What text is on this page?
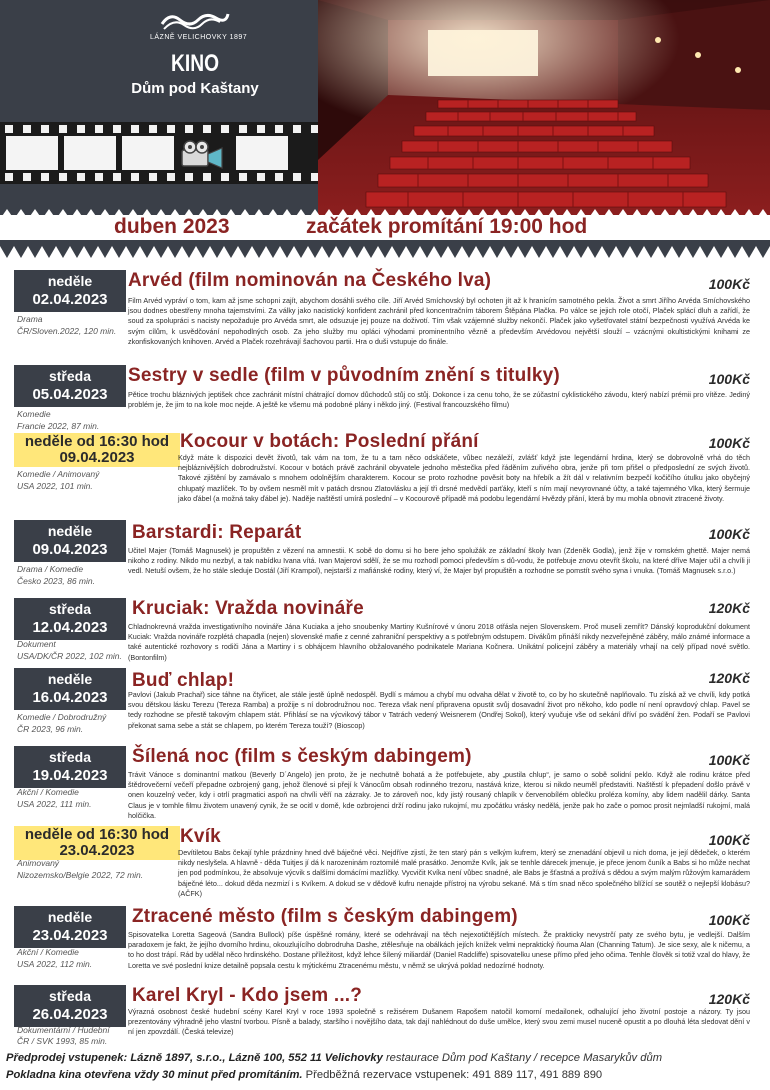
LÁZNĚ VELICHOVKY 1897
KINO
Dům pod Kaštany
duben 2023	začátek promítání 19:00 hod
neděle
02.04.2023
Drama
ČR/Sloven.2022, 120 min.
Arvéd (film nominován na Českého lva)	100Kč
Film Arvéd vypráví o tom, kam až jsme schopni zajít, abychom dosáhli svého cíle. Jiří Arvéd Smíchovský byl ochoten jít až k hranicím samotného pekla. Život a smrt Jiřího Arvéda Smíchovského jsou dodnes obestřeny mnoha tajemstvími. Za války jako nacistický konfident zachránil před koncentračním táborem Štěpána Plačka. Po válce se jejich role otočí, Plaček splácí dluh a zařídí, že soud za spolupráci s nacisty nepožaduje pro Arvéda smrt, ale odsuzuje jej pouze na doživotí. Tím však vzájemné služby nekončí. Plaček jako vyšetřovatel státní bezpečnosti využívá Arvéda ke svým cílům, k usvědčování nepohodlných osob. Za jeho služby mu opláci výhodami prominentního vězně a především Arvédovou největší slouží – vzácnými okultistickými knihami ze zkonfiskovaných knihoven. Arvéd a Plaček rozehrávají šachovou partii. Hra o duši vstupuje do finále.
středa
05.04.2023
Komedie
Francie 2022, 87 min.
Sestry v sedle (film v původním znění s titulky)	100Kč
Pětice trochu bláznivých jeptišek chce zachránit místní chátrající domov důchodců stůj co stůj. Dokonce i za cenu toho, že se zúčastní cyklistického závodu, který nabízí prémii pro vítěze. Jediný problém je, že jim to na kole moc nejde. A ještě ke všemu má podobné plány i někdo jiný. (Festival francouzského filmu)
neděle od 16:30 hod
09.04.2023
Komedie / Animovaný
USA 2022, 101 min.
Kocour v botách: Poslední přání	100Kč
Když máte k dispozici devět životů, tak vám na tom, že tu a tam něco odskáčete, vůbec nezáleží, zvlášť když jste legendární hrdina, který se dobrovolně vrhá do těch nejbláznivějších dobrodružství. Kocour v botách právě zachránil obyvatele jednoho městečka před řáděním zuřivého obra, jenže při tom přišel o předposlední ze svých životů. Takové zjištění by zamávalo s mnohem odolnějším charakterem. Kocour se proto rozhodne pověsit boty na hřebík a žít dál v relativním bezpečí kočičího útulku jako obyčejný chlupatý mazlíček. To by ovšem nesměl mít v patách drsnou Zlatovlásku a její tři drsné medvědí parťáky, kteří s ním mají nevyrovnané účty, a také tajemného Vlka, který šermuje jako ďábel (a možná taky ďábel je). Naděje naštěstí umírá poslední – v Kocourově případě má podobu legendární Hvězdy přání, která by mu mohla obnovit ztracené životy.
neděle
09.04.2023
Drama / Komedie
Česko 2023, 86 min.
Barstardi: Reparát	100Kč
Učitel Majer (Tomáš Magnusek) je propuštěn z vězení na amnestii. K sobě do domu si ho bere jeho spolužák ze základní školy Ivan (Zdeněk Godla), jenž žije v romském ghettě. Majer nemá nikoho z rodiny. Nikdo mu nezbyl, a tak nabídku Ivana vítá. Ivan Majerovi sdělí, že se mu rozhodl pomoci především s dů-vodu, že potřebuje znovu otevřít školu, na které dříve Majer učil a chvíli ji vedl. Netuší ovšem, že ho stále sleduje Dostál (Jiří Krampol), nejstarší z mafiánské rodiny, který ví, že Majer byl propuštěn a rozhodne se pomstít svého syna i vnuka. (Tomáš Magnusek s.r.o.)
středa
12.04.2023
Dokument
USA/DK/ČR 2022, 102 min.
Kruciak: Vražda novináře	120Kč
Chladnokrevná vražda investigativního novináře Jána Kuciaka a jeho snoubenky Martiny Kušnírové v únoru 2018 otřásla nejen Slovenskem. Proč museli zemřít? Dánský koprodukční dokument Kuciak: Vražda novináře rozplétá chapadla (nejen) slovenské mafie z cenné zahraniční perspektivy a s potřebným odstupem. Divákům přináší nikdy nezveřejněné záběry, málo známé informace a také autentické rozhovory s rodiči Jána a Martiny i s obhájcem hlavního obžalovaného podnikatele Mariana Kočnera. Unikátní policejní záběry a materiály vrhají na celý případ nové světlo. (Bontonfilm)
neděle
16.04.2023
Komedie / Dobrodružný
ČR 2023, 96 min.
Buď chlap!	120Kč
Pavlovi (Jakub Prachař) sice táhne na čtyřicet, ale stále jestě úplně nedospěl. Bydlí s mámou a chybí mu odvaha dělat v životě to, co by ho skutečně naplňovalo. Tu získá až ve chvíli, kdy potká svou dětskou lásku Terezu (Tereza Ramba) a prožije s ní dobrodružnou noc. Tereza však není připravena opustit svůj dosavadní život pro někoho, kdo podle ní není opravdový chlap. Pavel se tedy rozhodne se přestě takovým chlapem stát. Přihlásí se na výcvikový tábor v Tatrách vedený Weisnerem (Ondřej Sokol), který vyučuje vše od sekání dříví po svádění žen. Podaří se Pavlovi překonat sama sebe a stát se chlapem, po kterém Tereza touží? (Bioscop)
středa
19.04.2023
Akční / Komedie
USA 2022, 111 min.
Šílená noc (film s českým dabingem)	100Kč
Trávit Vánoce s dominantní matkou (Beverly D´Angelo) jen proto, že je nechutně bohatá a že potřebujete, aby „pustila chlup“, je samo o sobě solidní peklo. Když ale rodinu krátce před štědrovečerní večeří přepadne ozbrojený gang, jehož členové si přejí k Vánocům obsah rodinného trezoru, nastává krize, kterou si nikdo neuměl představiti. Naštěstí k přepadení došlo právě v onen kouzelný večer, kdy i otrlí pragmatici aspoň na chvíli věří na zázraky. Je to zároveň noc, kdy jistý rousaný chlapík v červenobílém oblečku proléza komíny, aby lidem nadělil dárky. Santa Claus je v tomhle filmu životem unavený cynik, že se ocitl v domě, kde ozbrojenci drží rodinu jako rukojmí, mu zpočátku vrásky nedělá, jenže pak ho zače o pomoc prosit nejmladší rukojmí, malá holčička.
neděle od 16:30 hod
23.04.2023
Animovaný
Nizozemsko/Belgie 2022, 72 min.
Kvík	100Kč
Devítiletou Babs čekají tyhle prázdniny hned dvě báječné věci. Nejdříve zjistí, že ten starý pán s velkým kufrem, který se znenadání objevil u nich doma, je její dědeček, o kterém nikdy neslyšela. A hlavně - děda Tuitjes jí dá k narozeninám roztomilé malé prasátko. Jenomže Kvík, jak se tenhle dárecek jmenuje, je přece jenom čuník a Babs si ho může nechat jen pod podmínkou, že absolvuje výcvik s dalšími domácími mazlíčky. Vycvičit Kvíka není vůbec snadné, ale Babs je šťastná a prožívá s dědou a svým malým růžovým kamarádem báječné léto... dokud děda nezmizí i s Kvíkem. A dokud se v dědově kufru nenajde přístroj na výrobu sekané. Má s tím snad něco společného blížící se soutěž o nejlepší klobásu? (AČFK)
neděle
23.04.2023
Akční / Komedie
USA 2022, 112 min.
Ztracené město (film s českým dabingem)	100Kč
Spisovatelka Loretta Sageová (Sandra Bullock) píše úspěšné romány, které se odehrávají na těch nejexotičtějších místech. Že prakticky nevystrčí paty ze svého bytu, je vedlejší. Dalším paradoxem je fakt, že jejího dvorního hrdinu, okouzlujícího dobrodruha Dashe, ztělesňuje na obálkách jejích knížek velmi nepraktický ňouma Alan (Channing Tatum). Je sice sexy, ale k ničemu, a to ho dost trápí. Rád by udělal něco hrdinského. Dostane příležitost, když lehce šílený miliardář (Daniel Radcliffe) spisovatelku unese přímo před jeho očima. Tenhle člověk si totiž vzal do hlavy, že Loretta ve své poslední knize detailně popsala cestu k mýtickému Ztracenému městu, v němž se ukrývá poklad nedozírné hodnoty.
středa
26.04.2023
Dokumentární / Hudební
ČR / SVK 1993, 85 min.
Karel Kryl - Kdo jsem ...?	120Kč
Výrazná osobnost české hudební scény Karel Kryl v roce 1993 společně s režisérem Dušanem Rapošem natočil komorní medailonek, odhalující jeho životní postoje a názory. Ty jsou prezentovány výhradně jeho vlastní tvorbou. Písně a balady, staršího i novějšího data, tak dají nahlédnout do duše umělce, který svou zemi musel nuceně opustit a po dlouhá léta sledovat dění v ní jen zpovzdálí. (Česká televize)
Předprodej vstupenek: Lázně 1897, s.r.o., Lázně 100, 552 11 Velichovky restaurace Dům pod Kaštany / recepce Masarykův dům
Pokladna kina otevřena vždy 30 minut před promítáním. Předběžná rezervace vstupenek: 491 889 117, 491 889 890
